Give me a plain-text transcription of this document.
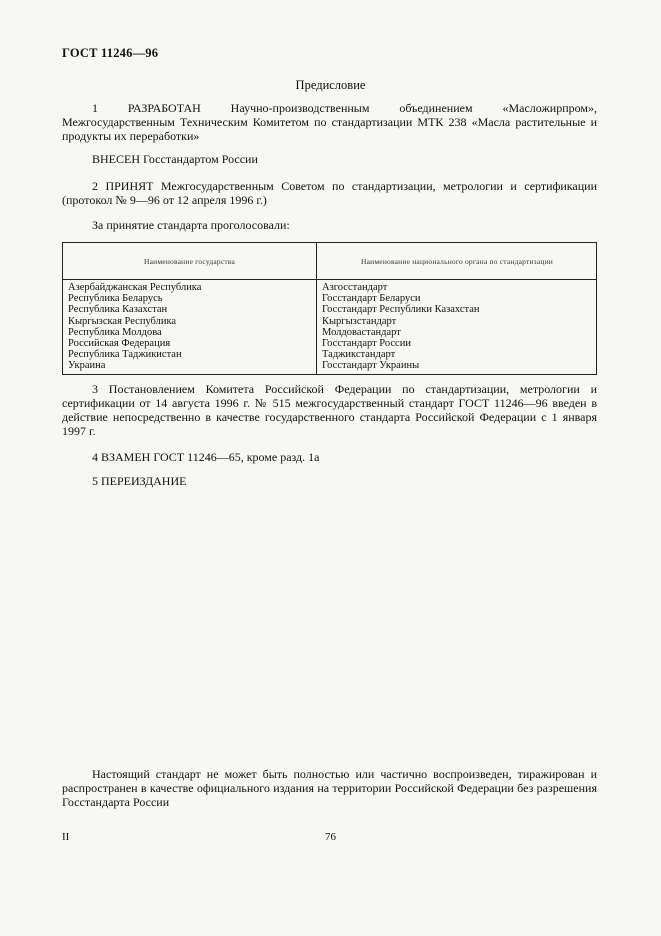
ГОСТ 11246—96
Предисловие
1 РАЗРАБОТАН Научно-производственным объединением «Масложирпром», Межгосударственным Техническим Комитетом по стандартизации МТК 238 «Масла растительные и продукты их переработки»
ВНЕСЕН Госстандартом России
2 ПРИНЯТ Межгосударственным Советом по стандартизации, метрологии и сертификации (протокол № 9—96 от 12 апреля 1996 г.)
За принятие стандарта проголосовали:
Наименование государства	Наименование национального органа по стандартизации
Азербайджанская Республика
Республика Беларусь
Республика Казахстан
Кыргызская Республика
Республика Молдова
Российская Федерация
Республика Таджикистан
Украина
Азгосстандарт
Госстандарт Беларуси
Госстандарт Республики Казахстан
Кыргызстандарт
Молдовастандарт
Госстандарт России
Таджикстандарт
Госстандарт Украины
3 Постановлением Комитета Российской Федерации по стандартизации, метрологии и сертификации от 14 августа 1996 г. № 515 межгосударственный стандарт ГОСТ 11246—96 введен в действие непосредственно в качестве государственного стандарта Российской Федерации с 1 января 1997 г.
4 ВЗАМЕН ГОСТ 11246—65, кроме разд. 1а
5 ПЕРЕИЗДАНИЕ
Настоящий стандарт не может быть полностью или частично воспроизведен, тиражирован и распространен в качестве официального издания на территории Российской Федерации без разрешения Госстандарта России
II	76
